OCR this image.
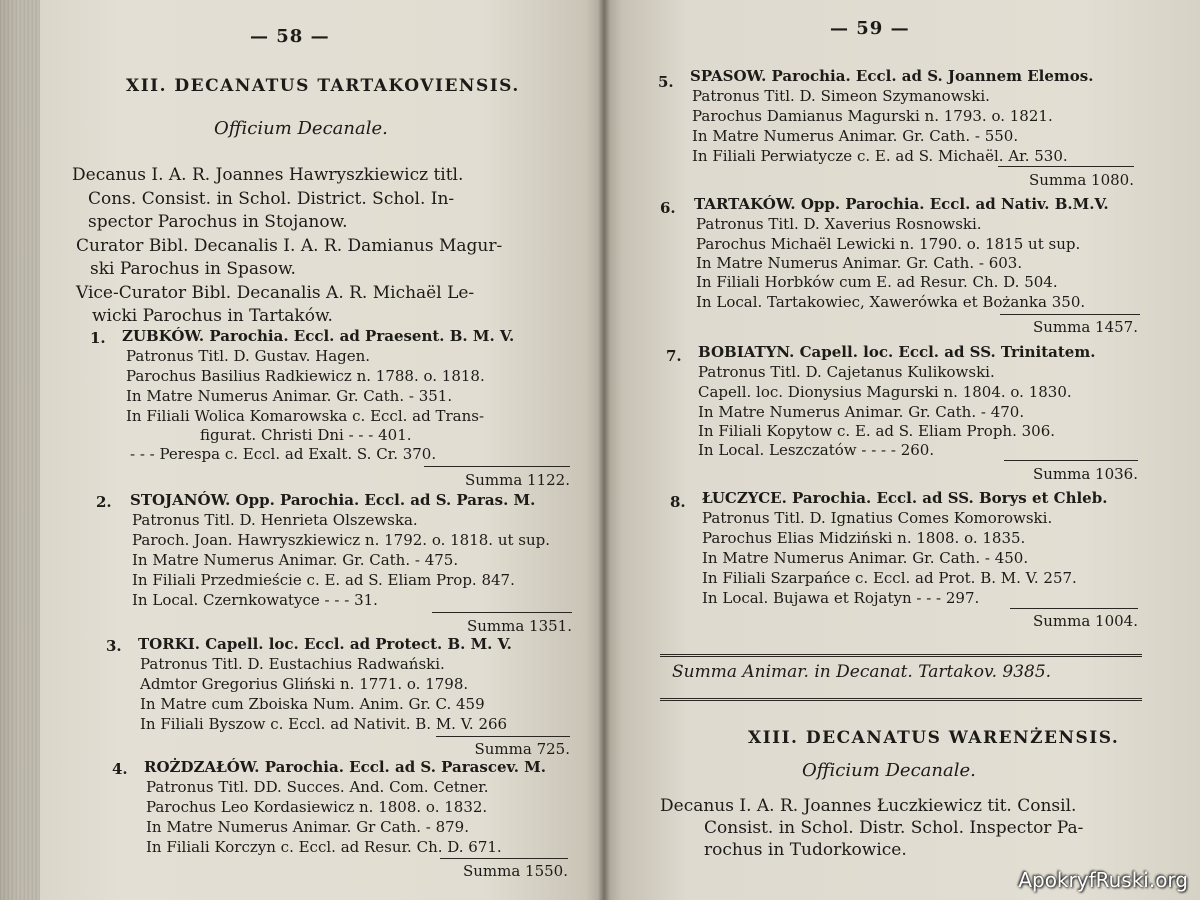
— 58 —
XII. DECANATUS TARTAKOVIENSIS.
Officium Decanale.
Decanus I. A. R. Joannes Hawryszkiewicz titl.
Cons. Consist. in Schol. District. Schol. In-
spector Parochus in Stojanow.
Curator Bibl. Decanalis I. A. R. Damianus Magur-
ski Parochus in Spasow.
Vice-Curator Bibl. Decanalis A. R. Michaël Le-
wicki Parochus in Tartaków.
1. ZUBKÓW. Parochia. Eccl. ad Praesent. B. M. V.
Patronus Titl. D. Gustav. Hagen.
Parochus Basilius Radkiewicz n. 1788. o. 1818.
In Matre Numerus Animar. Gr. Cath. - 351.
In Filiali Wolica Komarowska c. Eccl. ad Trans-
figurat. Christi Dni - - - 401.
- - - Perespa c. Eccl. ad Exalt. S. Cr. 370.
Summa 1122.
2. STOJANÓW. Opp. Parochia. Eccl. ad S. Paras. M.
Patronus Titl. D. Henrieta Olszewska.
Paroch. Joan. Hawryszkiewicz n. 1792. o. 1818. ut sup.
In Matre Numerus Animar. Gr. Cath. - 475.
In Filiali Przedmieście c. E. ad S. Eliam Prop. 847.
In Local. Czernkowatyce - - - 31.
Summa 1351.
3. TORKI. Capell. loc. Eccl. ad Protect. B. M. V.
Patronus Titl. D. Eustachius Radwański.
Admtor Gregorius Gliński n. 1771. o. 1798.
In Matre cum Zboiska Num. Anim. Gr. C. 459
In Filiali Byszow c. Eccl. ad Nativit. B. M. V. 266
Summa 725.
4. ROŻDZAŁÓW. Parochia. Eccl. ad S. Parascev. M.
Patronus Titl. DD. Succes. And. Com. Cetner.
Parochus Leo Kordasiewicz n. 1808. o. 1832.
In Matre Numerus Animar. Gr Cath. - 879.
In Filiali Korczyn c. Eccl. ad Resur. Ch. D. 671.
Summa 1550.
— 59 —
5. SPASOW. Parochia. Eccl. ad S. Joannem Elemos.
Patronus Titl. D. Simeon Szymanowski.
Parochus Damianus Magurski n. 1793. o. 1821.
In Matre Numerus Animar. Gr. Cath. - 550.
In Filiali Perwiatycze c. E. ad S. Michaël. Ar. 530.
Summa 1080.
6. TARTAKÓW. Opp. Parochia. Eccl. ad Nativ. B.M.V.
Patronus Titl. D. Xaverius Rosnowski.
Parochus Michaël Lewicki n. 1790. o. 1815 ut sup.
In Matre Numerus Animar. Gr. Cath. - 603.
In Filiali Horbków cum E. ad Resur. Ch. D. 504.
In Local. Tartakowiec, Xawerówka et Bożanka 350.
Summa 1457.
7. BOBIATYN. Capell. loc. Eccl. ad SS. Trinitatem.
Patronus Titl. D. Cajetanus Kulikowski.
Capell. loc. Dionysius Magurski n. 1804. o. 1830.
In Matre Numerus Animar. Gr. Cath. - 470.
In Filiali Kopytow c. E. ad S. Eliam Proph. 306.
In Local. Leszczatów - - - - 260.
Summa 1036.
8. ŁUCZYCE. Parochia. Eccl. ad SS. Borys et Chleb.
Patronus Titl. D. Ignatius Comes Komorowski.
Parochus Elias Midziński n. 1808. o. 1835.
In Matre Numerus Animar. Gr. Cath. - 450.
In Filiali Szarpańce c. Eccl. ad Prot. B. M. V. 257.
In Local. Bujawa et Rojatyn - - - 297.
Summa 1004.
Summa Animar. in Decanat. Tartakov. 9385.
XIII. DECANATUS WARENŻENSIS.
Officium Decanale.
Decanus I. A. R. Joannes Łuczkiewicz tit. Consil.
Consist. in Schol. Distr. Schol. Inspector Pa-
rochus in Tudorkowice.
ApokryfRuski.org
